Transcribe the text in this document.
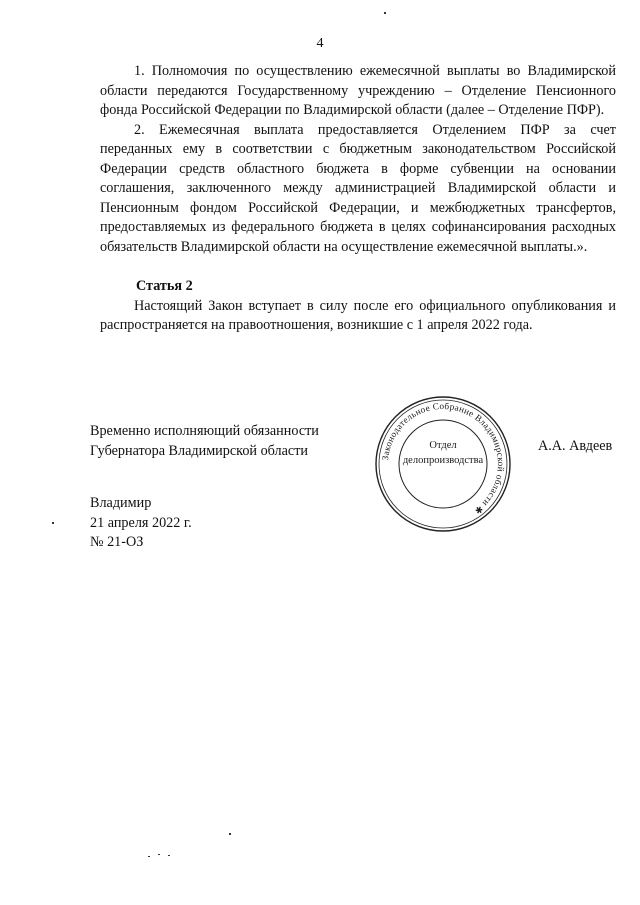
4

1. Полномочия по осуществлению ежемесячной выплаты во Владимирской области передаются Государственному учреждению – Отделение Пенсионного фонда Российской Федерации по Владимирской области (далее – Отделение ПФР).

2. Ежемесячная выплата предоставляется Отделением ПФР за счет переданных ему в соответствии с бюджетным законодательством Российской Федерации средств областного бюджета в форме субвенции на основании соглашения, заключенного между администрацией Владимирской области и Пенсионным фондом Российской Федерации, и межбюджетных трансфертов, предоставляемых из федерального бюджета в целях софинансирования расходных обязательств Владимирской области на осуществление ежемесячной выплаты.».

Статья 2

Настоящий Закон вступает в силу после его официального опубликования и распространяется на правоотношения, возникшие с 1 апреля 2022 года.

Временно исполняющий обязанности
Губернатора Владимирской области	Законодательное Собрание Владимирской области ✱
Отдел
делопроизводства
А.А. Авдеев
Владимир
21 апреля 2022 г.
№ 21-ОЗ
